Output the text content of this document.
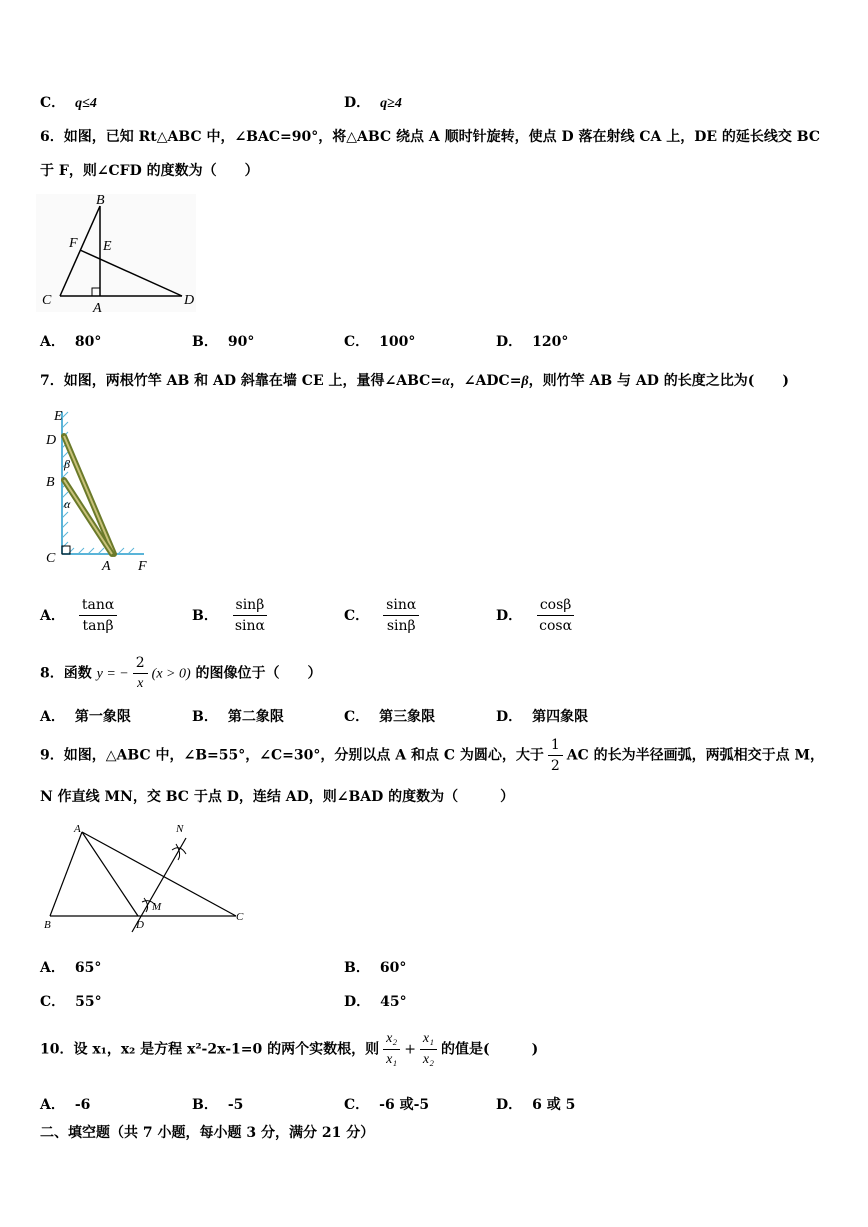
C． q≤4	D． q≥4
6．如图，已知 Rt△ABC 中，∠BAC=90°，将△ABC 绕点 A 顺时针旋转，使点 D 落在射线 CA 上，DE 的延长线交 BC
于 F，则∠CFD 的度数为（　　）
B
F E
C
A
D
A． 80°	B． 90°	C． 100°	D． 120°
7．如图，两根竹竿 AB 和 AD 斜靠在墙 CE 上，量得∠ABC=α，∠ADC=β，则竹竿 AB 与 AD 的长度之比为(　　)
E
D
β
B
α
C
A F
A． $\frac{\tan\alpha}{\tan\beta}$	B． $\frac{\sin\beta}{\sin\alpha}$	C． $\frac{\sin\alpha}{\sin\beta}$	D． $\frac{\cos\beta}{\cos\alpha}$
8．函数 y = − $\frac{2}{x} (x > 0)$ 的图像位于（　　）
A． 第一象限	B． 第二象限	C． 第三象限	D． 第四象限
9．如图，△ABC 中，∠B=55°，∠C=30°，分别以点 A 和点 C 为圆心，大于 $\frac{1}{2}$ AC 的长为半径画弧，两弧相交于点 M，
N 作直线 MN，交 BC 于点 D，连结 AD，则∠BAD 的度数为（　　　）
A	N
M
B	D
C
A． 65°	B． 60°
C． 55°	D． 45°
10．设 x₁，x₂ 是方程 x²-2x-1=0 的两个实数根，则 $\frac{\text{x₂}}{\text{x₁}} + \frac{\text{x₁}}{\text{x₂}}$ 的值是(　　　)
A． -6	B． -5	C． -6 或-5	D． 6 或 5
二、填空题（共 7 小题，每小题 3 分，满分 21 分）
